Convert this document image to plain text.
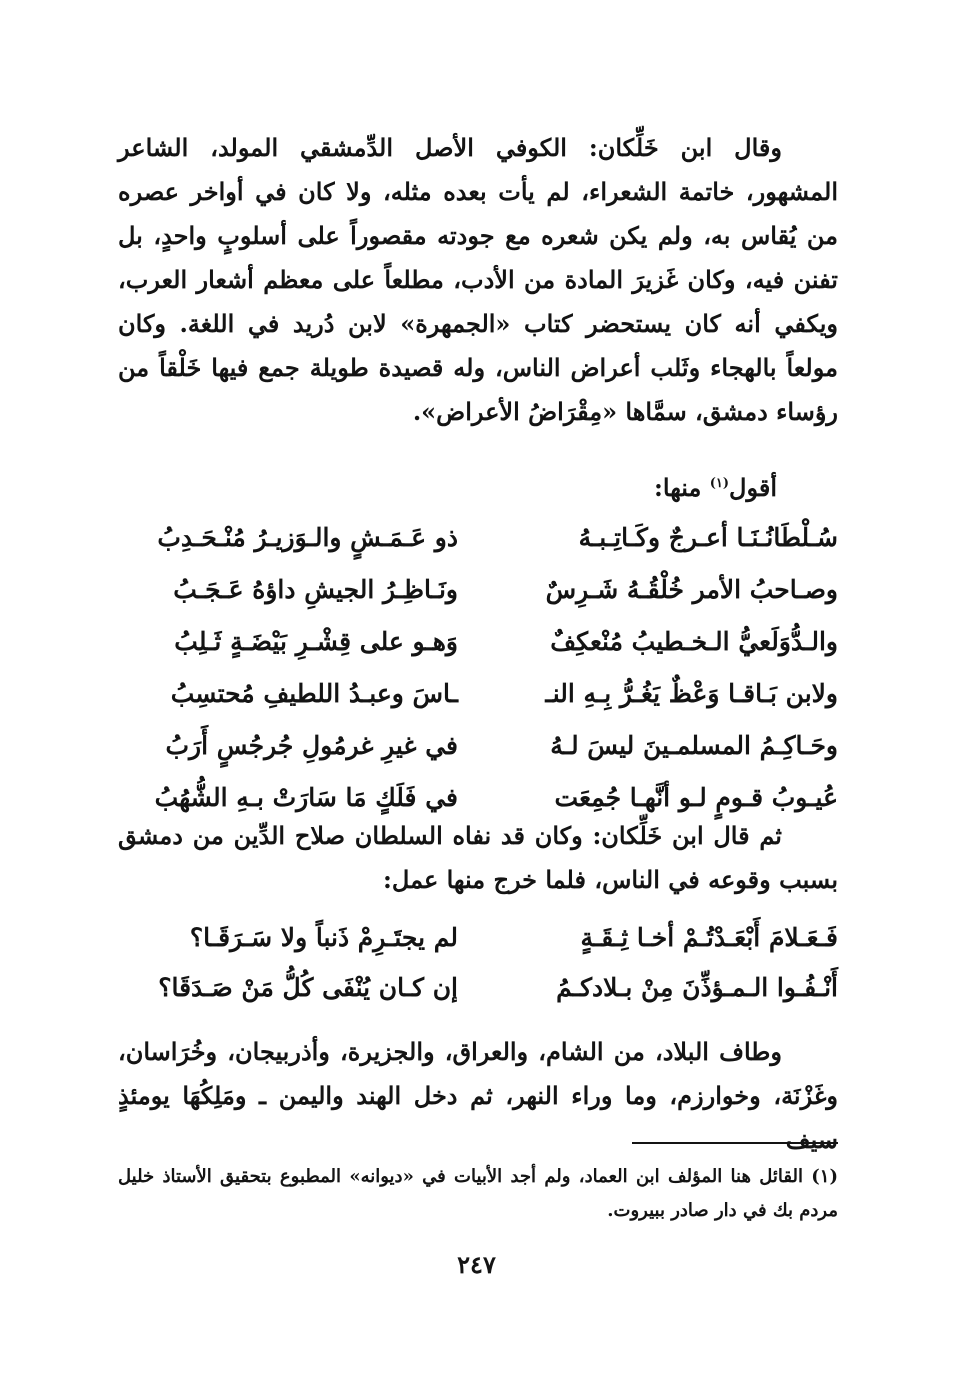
وقال ابن خَلِّكان: الكوفي الأصل الدِّمشقي المولد، الشاعر المشهور، خاتمة الشعراء، لم يأت بعده مثله، ولا كان في أواخر عصره من يُقاس به، ولم يكن شعره مع جودته مقصوراً على أسلوبٍ واحدٍ، بل تفنن فيه، وكان غَزيرَ المادة من الأدب، مطلعاً على معظم أشعار العرب، ويكفي أنه كان يستحضر كتاب «الجمهرة» لابن دُريد في اللغة. وكان مولعاً بالهجاء وثَلب أعراض الناس، وله قصيدة طويلة جمع فيها خَلْقاً من رؤساء دمشق، سمَّاها «مِقْرَاضُ الأعراض».

أقول$^{(١)}$ منها:
سُـلْطَانُـنَـا أعـرجٌ وكَـاتِـبـهُ
ذو عَـمَـشٍ والـوَزيـرُ مُنْـحَـدِبُ
وصـاحبُ الأمر خُلْقُـهُ شَـرِسٌ
ونَـاظِـرُ الجيشِ داؤهُ عَـجَـبُ
والـدُّوَلَعيُّ الـخـطيبُ مُنْعكِفٌ
وَهـو على قِشْـرِ بَيْضَـةٍ ثَـلِبُ
ولابن بَـاقـا وَعْظٌ يَغُـرُّ بِـهِ النـ
ـاسَ وعبـدُ اللطيفِ مُحتسِبُ
وحَـاكِـمُ المسلمـينَ ليسَ لـهُ
في غيرِ غرمُولِ جُرجُسٍ أَرَبُ
عُيـوبُ قـومٍ لـو أنَّهـا جُمِعَت
في فَلَكٍ مَا سَارَتْ بـهِ الشُّهُبُ

ثم قال ابن خَلِّكان: وكان قد نفاه السلطان صلاح الدِّين من دمشق بسبب وقوعه في الناس، فلما خرج منها عمل:

فَـعَـلامَ أَبْعَـدْتُـمْ أخـا ثِـقَـةٍ
لم يجتَـرِمْ ذَنباً ولا سَـرَقَـا؟
أَنْـفُـوا الـمـؤذِّنَ مِنْ بـلادكـمُ
إن كـان يُنْفَى كُلُّ مَنْ صَـدَقَا؟

وطاف البلاد، من الشام، والعراق، والجزيرة، وأذربيجان، وخُرَاسان، وغَزْنَة، وخوارزم، وما وراء النهر، ثم دخل الهند واليمن ـ ومَلِكُهَا يومئذٍ سيف

(١) القائل هنا المؤلف ابن العماد، ولم أجد الأبيات في «ديوانه» المطبوع بتحقيق الأستاذ خليل مردم بك في دار صادر ببيروت.
٢٤٧
